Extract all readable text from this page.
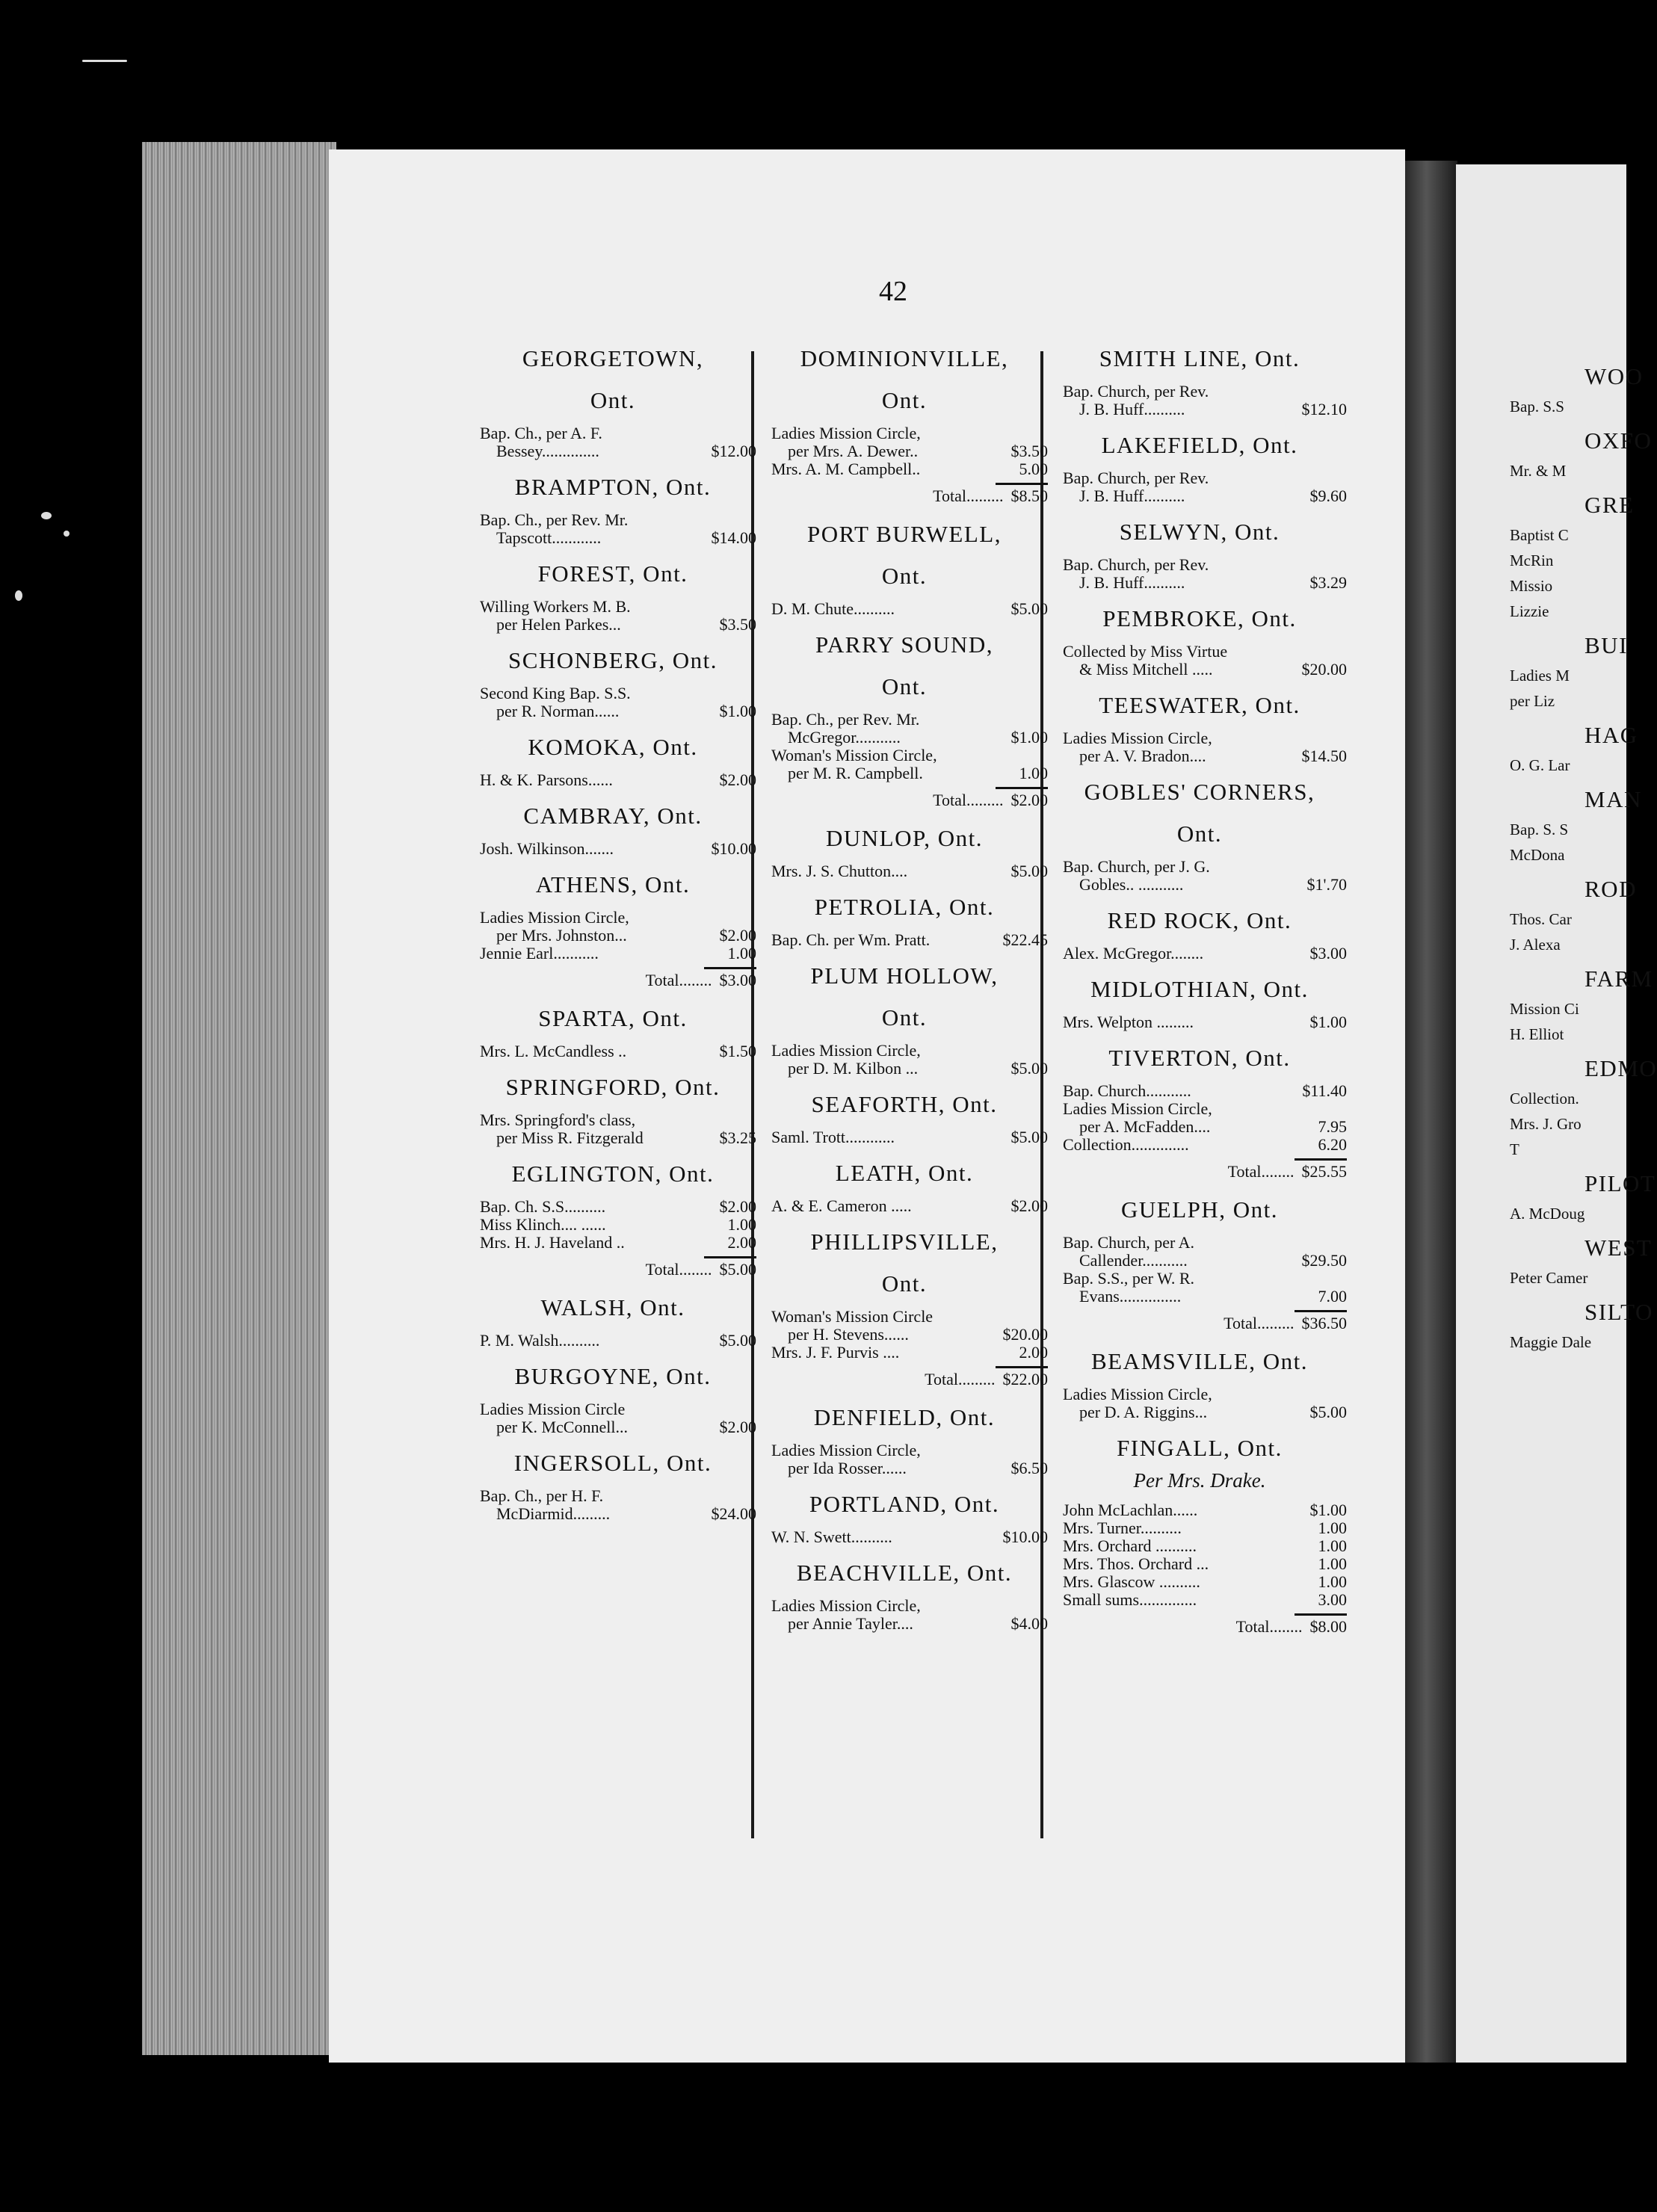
42
GEORGETOWN,
Ont.
Bap. Ch., per A. F.
Bessey..............	$12.00
BRAMPTON, Ont.
Bap. Ch., per Rev. Mr.
Tapscott............	$14.00
FOREST, Ont.
Willing Workers M. B.
per Helen Parkes...	$3.50
SCHONBERG, Ont.
Second King Bap. S.S.
per R. Norman......	$1.00
KOMOKA, Ont.
H. & K. Parsons......	$2.00
CAMBRAY, Ont.
Josh. Wilkinson.......	$10.00
ATHENS, Ont.
Ladies Mission Circle,
per Mrs. Johnston...	$2.00
Jennie Earl...........	1.00
Total........ $3.00
SPARTA, Ont.
Mrs. L. McCandless ..	$1.50
SPRINGFORD, Ont.
Mrs. Springford's class,
per Miss R. Fitzgerald	$3.25
EGLINGTON, Ont.
Bap. Ch. S.S..........	$2.00
Miss Klinch.... ......	1.00
Mrs. H. J. Haveland ..	2.00
Total........ $5.00
WALSH, Ont.
P. M. Walsh..........	$5.00
BURGOYNE, Ont.
Ladies Mission Circle
per K. McConnell...	$2.00
INGERSOLL, Ont.
Bap. Ch., per H. F.
McDiarmid.........	$24.00
DOMINIONVILLE,
Ont.
Ladies Mission Circle,
per Mrs. A. Dewer..	$3.50
Mrs. A. M. Campbell..	5.00
Total......... $8.50
PORT BURWELL,
Ont.
D. M. Chute..........	$5.00
PARRY SOUND,
Ont.
Bap. Ch., per Rev. Mr.
McGregor...........	$1.00
Woman's Mission Circle,
per M. R. Campbell.	1.00
Total......... $2.00
DUNLOP, Ont.
Mrs. J. S. Chutton....	$5.00
PETROLIA, Ont.
Bap. Ch. per Wm. Pratt.	$22.45
PLUM HOLLOW,
Ont.
Ladies Mission Circle,
per D. M. Kilbon ...	$5.00
SEAFORTH, Ont.
Saml. Trott............	$5.00
LEATH, Ont.
A. & E. Cameron .....	$2.00
PHILLIPSVILLE,
Ont.
Woman's Mission Circle
per H. Stevens......	$20.00
Mrs. J. F. Purvis ....	2.00
Total......... $22.00
DENFIELD, Ont.
Ladies Mission Circle,
per Ida Rosser......	$6.50
PORTLAND, Ont.
W. N. Swett..........	$10.00
BEACHVILLE, Ont.
Ladies Mission Circle,
per Annie Tayler....	$4.00
SMITH LINE, Ont.
Bap. Church, per Rev.
J. B. Huff..........	$12.10
LAKEFIELD, Ont.
Bap. Church, per Rev.
J. B. Huff..........	$9.60
SELWYN, Ont.
Bap. Church, per Rev.
J. B. Huff..........	$3.29
PEMBROKE, Ont.
Collected by Miss Virtue
& Miss Mitchell .....	$20.00
TEESWATER, Ont.
Ladies Mission Circle,
per A. V. Bradon....	$14.50
GOBLES' CORNERS,
Ont.
Bap. Church, per J. G.
Gobles.. ...........	$1'.70
RED ROCK, Ont.
Alex. McGregor........	$3.00
MIDLOTHIAN, Ont.
Mrs. Welpton .........	$1.00
TIVERTON, Ont.
Bap. Church...........	$11.40
Ladies Mission Circle,
per A. McFadden....	7.95
Collection..............	6.20
Total........ $25.55
GUELPH, Ont.
Bap. Church, per A.
Callender...........	$29.50
Bap. S.S., per W. R.
Evans...............	7.00
Total......... $36.50
BEAMSVILLE, Ont.
Ladies Mission Circle,
per D. A. Riggins...	$5.00
FINGALL, Ont.
Per Mrs. Drake.
John McLachlan......	$1.00
Mrs. Turner..........	1.00
Mrs. Orchard ..........	1.00
Mrs. Thos. Orchard ...	1.00
Mrs. Glascow ..........	1.00
Small sums..............	3.00
Total........ $8.00
WOO
Bap. S.S
OXFO
Mr. & M
GRE
Baptist C
McRin
Missio
Lizzie
BUI
Ladies M
per Liz
HAG
O. G. Lar
MAN
Bap. S. S
McDona
ROD
Thos. Car
J. Alexa
FARM
Mission Ci
H. Elliot
EDMO
Collection.
Mrs. J. Gro
T
PILOT
A. McDoug
WEST
Peter Camer
SILTO
Maggie Dale
